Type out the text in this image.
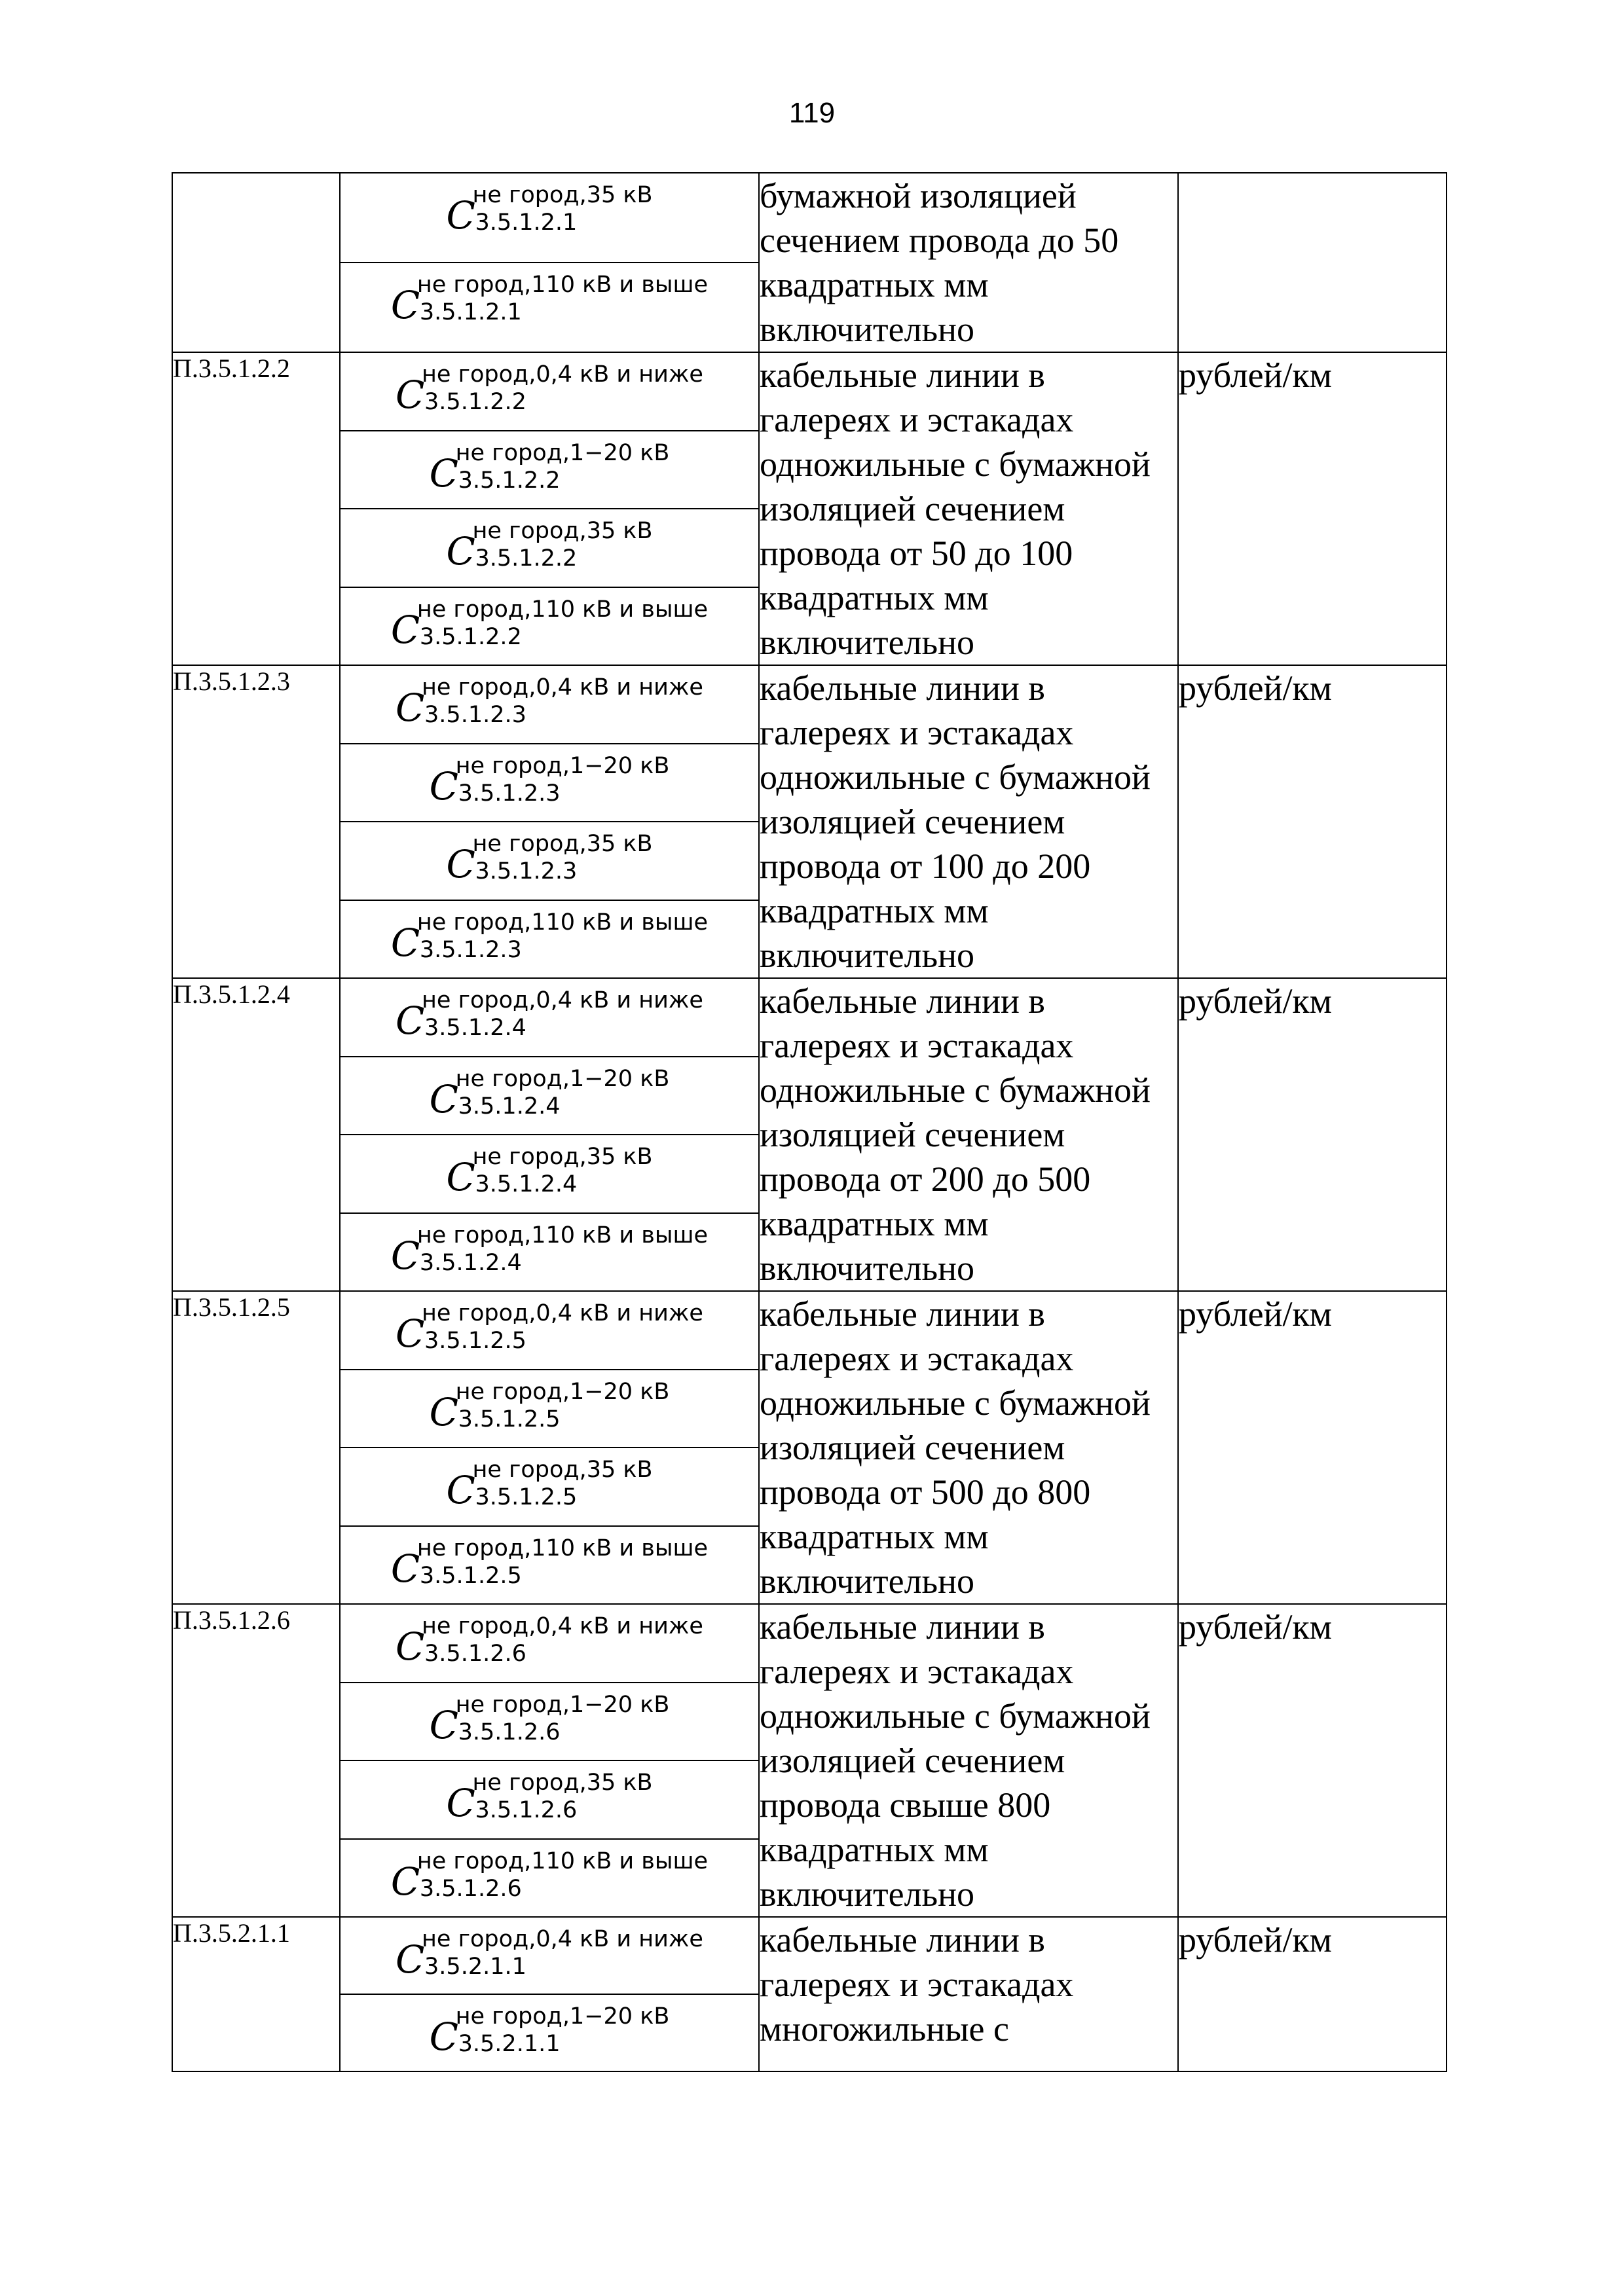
119

	C
не город,35 кВ
3.5.1.2.1	бумажной изоляцией сечением провода до 50 квадратных мм включительно	

	C
не город,110 кВ и выше
3.5.1.2.1		

П.3.5.1.2.2	C
не город,0,4 кВ и ниже
3.5.1.2.2	кабельные линии в галереях и эстакадах одножильные с бумажной изоляцией сечением провода от 50 до 100 квадратных мм включительно	рублей/км

	C
не город,1−20 кВ
3.5.1.2.2		

	C
не город,35 кВ
3.5.1.2.2		

	C
не город,110 кВ и выше
3.5.1.2.2		

П.3.5.1.2.3	C
не город,0,4 кВ и ниже
3.5.1.2.3	кабельные линии в галереях и эстакадах одножильные с бумажной изоляцией сечением провода от 100 до 200 квадратных мм включительно	рублей/км

	C
не город,1−20 кВ
3.5.1.2.3		

	C
не город,35 кВ
3.5.1.2.3		

	C
не город,110 кВ и выше
3.5.1.2.3		

П.3.5.1.2.4	C
не город,0,4 кВ и ниже
3.5.1.2.4	кабельные линии в галереях и эстакадах одножильные с бумажной изоляцией сечением провода от 200 до 500 квадратных мм включительно	рублей/км

	C
не город,1−20 кВ
3.5.1.2.4		

	C
не город,35 кВ
3.5.1.2.4		

	C
не город,110 кВ и выше
3.5.1.2.4		

П.3.5.1.2.5	C
не город,0,4 кВ и ниже
3.5.1.2.5	кабельные линии в галереях и эстакадах одножильные с бумажной изоляцией сечением провода от 500 до 800 квадратных мм включительно	рублей/км

	C
не город,1−20 кВ
3.5.1.2.5		

	C
не город,35 кВ
3.5.1.2.5		

	C
не город,110 кВ и выше
3.5.1.2.5		

П.3.5.1.2.6	C
не город,0,4 кВ и ниже
3.5.1.2.6	кабельные линии в галереях и эстакадах одножильные с бумажной изоляцией сечением провода свыше 800 квадратных мм включительно	рублей/км

	C
не город,1−20 кВ
3.5.1.2.6		

	C
не город,35 кВ
3.5.1.2.6		

	C
не город,110 кВ и выше
3.5.1.2.6		

П.3.5.2.1.1	C
не город,0,4 кВ и ниже
3.5.2.1.1	кабельные линии в галереях и эстакадах многожильные с	рублей/км

	C
не город,1−20 кВ
3.5.2.1.1		
